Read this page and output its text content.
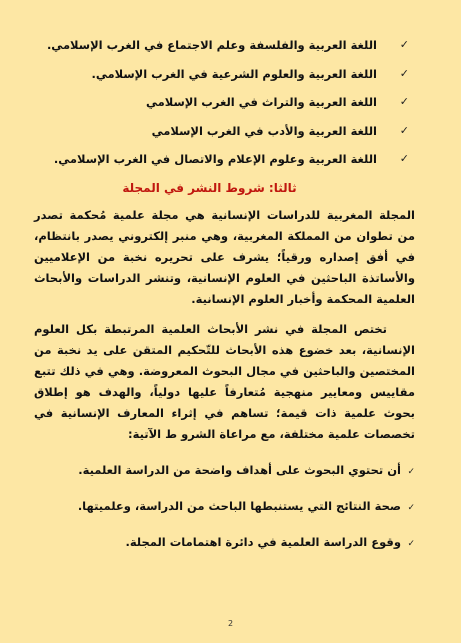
✓
اللغة العربية والفلسفة وعلم الاجتماع في الغرب الإسلامي.
✓
اللغة العربية والعلوم الشرعية في الغرب الإسلامي.
✓
اللغة العربية والتراث في الغرب الإسلامي
✓
اللغة العربية والأدب في الغرب الإسلامي
✓
اللغة العربية وعلوم الإعلام والاتصال في الغرب الإسلامي.
ثالثا: شروط النشر في المجلة

المجلة المغربية للدراسات الإنسانية هي مجلة علمية مُحكمة تصدر من تطوان من المملكة المغربية، وهي منبر إلكتروني يصدر بانتظام، في أفق إصداره ورقياً؛ يشرف على تحريره نخبة من الإعلاميين والأساتذة الباحثين في العلوم الإنسانية، وتنشر الدراسات والأبحاث العلمية المحكمة وأخبار العلوم الإنسانية.

تختص المجلة في نشر الأبحاث العلمية المرتبطة بكل العلوم الإنسانية، بعد خضوع هذه الأبحاث للتّحكيم المتقن على يد نخبة من المختصين والباحثين في مجال البحوث المعروضة. وهي في ذلك تتبع مقاييس ومعايير منهجية مُتعارفاً عليها دولياً، والهدف هو إطلاق بحوث علمية ذات قيمة؛ تساهم في إثراء المعارف الإنسانية في تخصصات علمية مختلفة، مع مراعاة الشرو ط الآتية:

✓
أن تحتوي البحوث على أهداف واضحة من الدراسة العلمية.
✓
صحة النتائج التي يستنبطها الباحث من الدراسة، وعلميتها.
✓
وقوع الدراسة العلمية في دائرة اهتمامات المجلة.
2
